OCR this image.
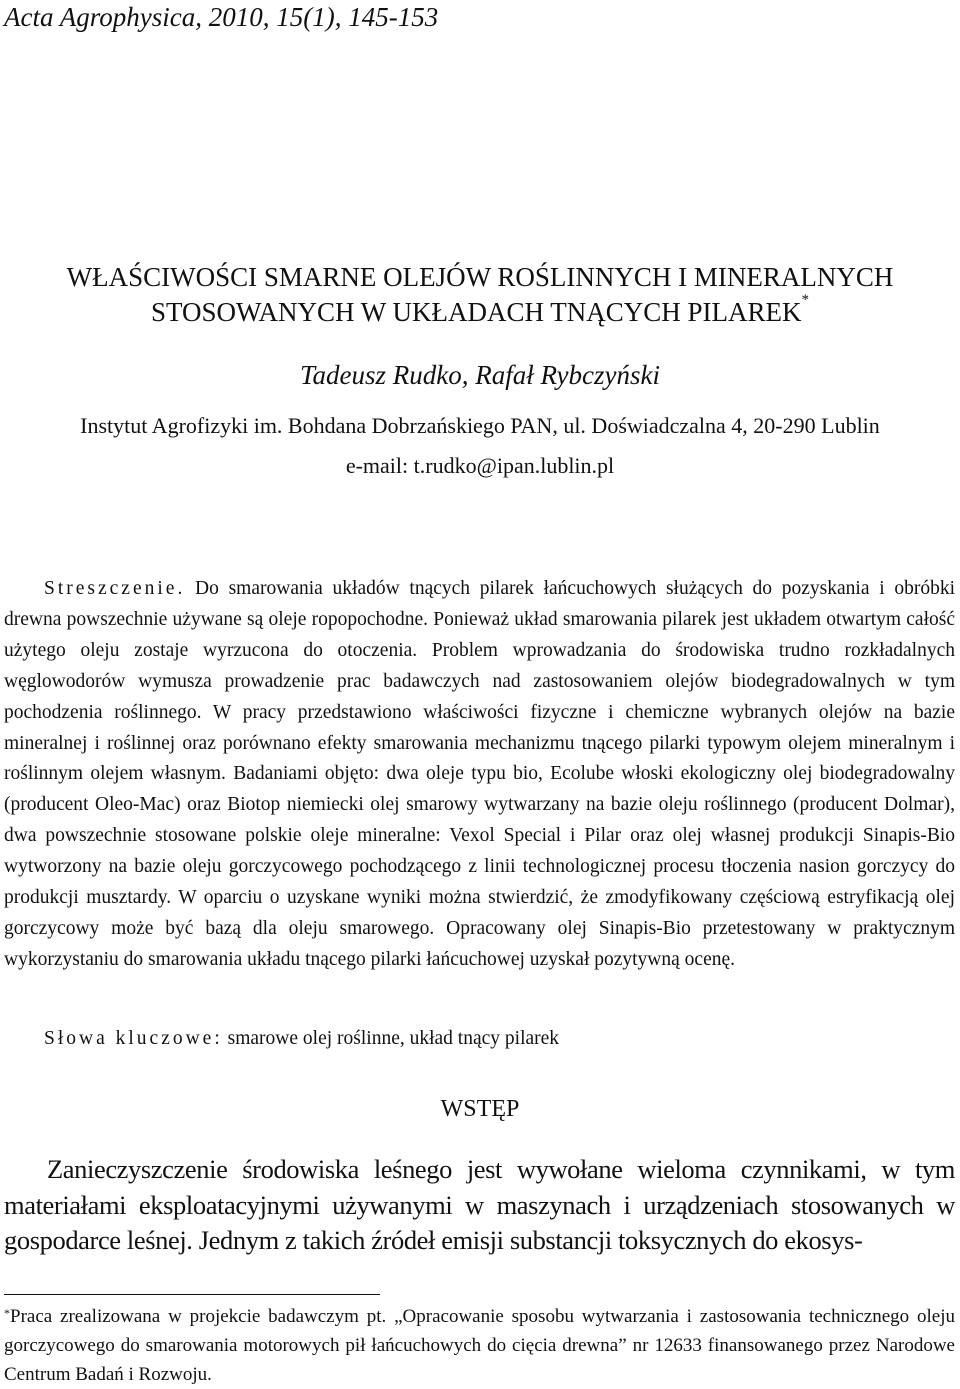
Acta Agrophysica, 2010, 15(1), 145-153
WŁAŚCIWOŚCI SMARNE OLEJÓW ROŚLINNYCH I MINERALNYCH
STOSOWANYCH W UKŁADACH TNĄCYCH PILAREK*
Tadeusz Rudko, Rafał Rybczyński
Instytut Agrofizyki im. Bohdana Dobrzańskiego PAN, ul. Doświadczalna 4, 20-290 Lublin
e-mail: t.rudko@ipan.lublin.pl

Streszczenie. Do smarowania układów tnących pilarek łańcuchowych służących do pozyskania i obróbki drewna powszechnie używane są oleje ropopochodne. Ponieważ układ smarowania pilarek jest układem otwartym całość użytego oleju zostaje wyrzucona do otoczenia. Problem wprowadzania do środowiska trudno rozkładalnych węglowodorów wymusza prowadzenie prac badawczych nad zastosowaniem olejów biodegradowalnych w tym pochodzenia roślinnego. W pracy przedstawiono właściwości fizyczne i chemiczne wybranych olejów na bazie mineralnej i roślinnej oraz porównano efekty smarowania mechanizmu tnącego pilarki typowym olejem mineralnym i roślinnym olejem własnym. Badaniami objęto: dwa oleje typu bio, Ecolube włoski ekologiczny olej biodegradowalny (producent Oleo-Mac) oraz Biotop niemiecki olej smarowy wytwarzany na bazie oleju roślinnego (producent Dolmar), dwa powszechnie stosowane polskie oleje mineralne: Vexol Special i Pilar oraz olej własnej produkcji Sinapis-Bio wytworzony na bazie oleju gorczycowego pochodzącego z linii technologicznej procesu tłoczenia nasion gorczycy do produkcji musztardy. W oparciu o uzyskane wyniki można stwierdzić, że zmodyfikowany częściową estryfikacją olej gorczycowy może być bazą dla oleju smarowego. Opracowany olej Sinapis-Bio przetestowany w praktycznym wykorzystaniu do smarowania układu tnącego pilarki łańcuchowej uzyskał pozytywną ocenę.

Słowa kluczowe: smarowe olej roślinne, układ tnący pilarek
WSTĘP

Zanieczyszczenie środowiska leśnego jest wywołane wieloma czynnikami, w tym materiałami eksploatacyjnymi używanymi w maszynach i urządzeniach stosowanych w gospodarce leśnej. Jednym z takich źródeł emisji substancji toksycznych do ekosys-

*Praca zrealizowana w projekcie badawczym pt. „Opracowanie sposobu wytwarzania i zastosowania technicznego oleju gorczycowego do smarowania motorowych pił łańcuchowych do cięcia drewna” nr 12633 finansowanego przez Narodowe Centrum Badań i Rozwoju.
